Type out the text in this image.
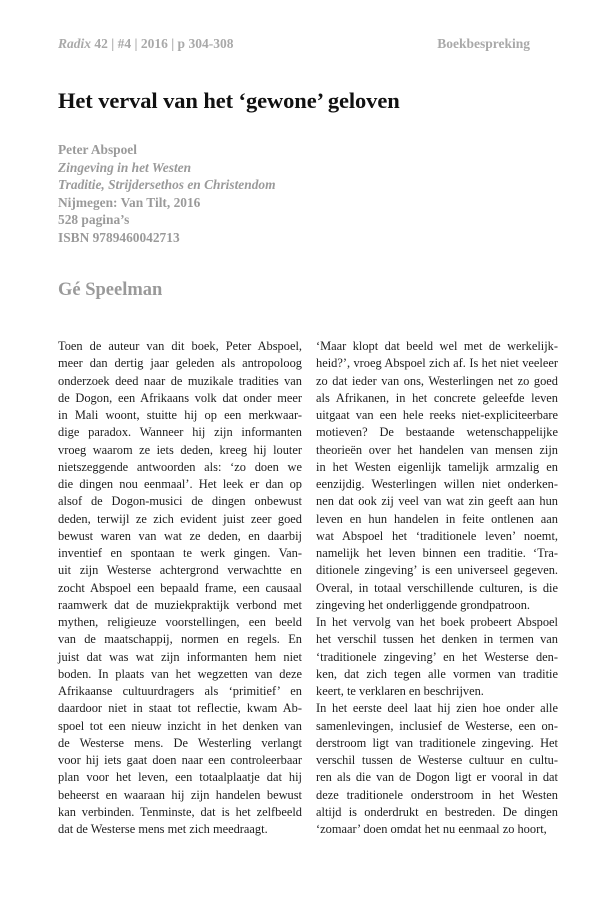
Radix 42 | #4 | 2016 | p 304-308	Boekbespreking
Het verval van het ‘gewone’ geloven
Peter Abspoel
Zingeving in het Westen
Traditie, Strijdersethos en Christendom
Nijmegen: Van Tilt, 2016
528 pagina’s
ISBN 9789460042713
Gé Speelman
Toen de auteur van dit boek, Peter Abspoel,
meer dan dertig jaar geleden als antropoloog
onderzoek deed naar de muzikale tradities van
de Dogon, een Afrikaans volk dat onder meer
in Mali woont, stuitte hij op een merkwaar-
dige paradox. Wanneer hij zijn informanten
vroeg waarom ze iets deden, kreeg hij louter
nietszeggende antwoorden als: ‘zo doen we
die dingen nou eenmaal’. Het leek er dan op
alsof de Dogon-musici de dingen onbewust
deden, terwijl ze zich evident juist zeer goed
bewust waren van wat ze deden, en daarbij
inventief en spontaan te werk gingen. Van-
uit zijn Westerse achtergrond verwachtte en
zocht Abspoel een bepaald frame, een causaal
raamwerk dat de muziekpraktijk verbond met
mythen, religieuze voorstellingen, een beeld
van de maatschappij, normen en regels. En
juist dat was wat zijn informanten hem niet
boden. In plaats van het wegzetten van deze
Afrikaanse cultuurdragers als ‘primitief’ en
daardoor niet in staat tot reflectie, kwam Ab-
spoel tot een nieuw inzicht in het denken van
de Westerse mens. De Westerling verlangt
voor hij iets gaat doen naar een controleerbaar
plan voor het leven, een totaalplaatje dat hij
beheerst en waaraan hij zijn handelen bewust
kan verbinden. Tenminste, dat is het zelfbeeld
dat de Westerse mens met zich meedraagt.
‘Maar klopt dat beeld wel met de werkelijk-
heid?’, vroeg Abspoel zich af. Is het niet veeleer
zo dat ieder van ons, Westerlingen net zo goed
als Afrikanen, in het concrete geleefde leven
uitgaat van een hele reeks niet-expliciteerbare
motieven? De bestaande wetenschappelijke
theorieën over het handelen van mensen zijn
in het Westen eigenlijk tamelijk armzalig en
eenzijdig. Westerlingen willen niet onderken-
nen dat ook zij veel van wat zin geeft aan hun
leven en hun handelen in feite ontlenen aan
wat Abspoel het ‘traditionele leven’ noemt,
namelijk het leven binnen een traditie. ‘Tra-
ditionele zingeving’ is een universeel gegeven.
Overal, in totaal verschillende culturen, is die
zingeving het onderliggende grondpatroon.
In het vervolg van het boek probeert Abspoel
het verschil tussen het denken in termen van
‘traditionele zingeving’ en het Westerse den-
ken, dat zich tegen alle vormen van traditie
keert, te verklaren en beschrijven.
In het eerste deel laat hij zien hoe onder alle
samenlevingen, inclusief de Westerse, een on-
derstroom ligt van traditionele zingeving. Het
verschil tussen de Westerse cultuur en cultu-
ren als die van de Dogon ligt er vooral in dat
deze traditionele onderstroom in het Westen
altijd is onderdrukt en bestreden. De dingen
‘zomaar’ doen omdat het nu eenmaal zo hoort,
